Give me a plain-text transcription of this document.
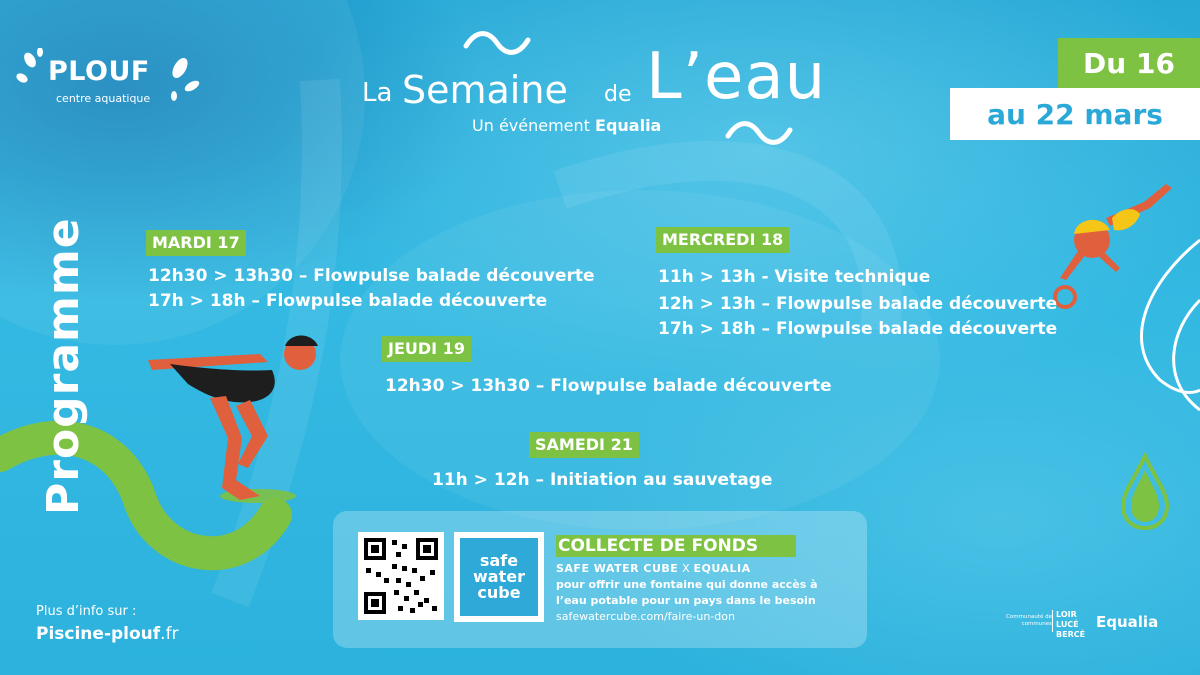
PLOUF
centre aquatique	La Semaine de L’eau
Un événement Equalia
Du 16
au 22 mars
Programme	MARDI 17
12h30 > 13h30 – Flowpulse balade découverte
17h > 18h – Flowpulse balade découverte
MERCREDI 18
11h > 13h - Visite technique
12h > 13h – Flowpulse balade découverte
17h > 18h – Flowpulse balade découverte
JEUDI 19
12h30 > 13h30 – Flowpulse balade découverte
SAMEDI 21
11h > 12h – Initiation au sauvetage
safe
water
cube
COLLECTE DE FONDS
SAFE WATER CUBE X EQUALIA
pour offrir une fontaine qui donne accès à
l’eau potable pour un pays dans le besoin
safewatercube.com/faire-un-don
Plus d’info sur :
Piscine-plouf.fr
Communauté de communes
LOIR LUCÉ BERCÉ
Equalia
